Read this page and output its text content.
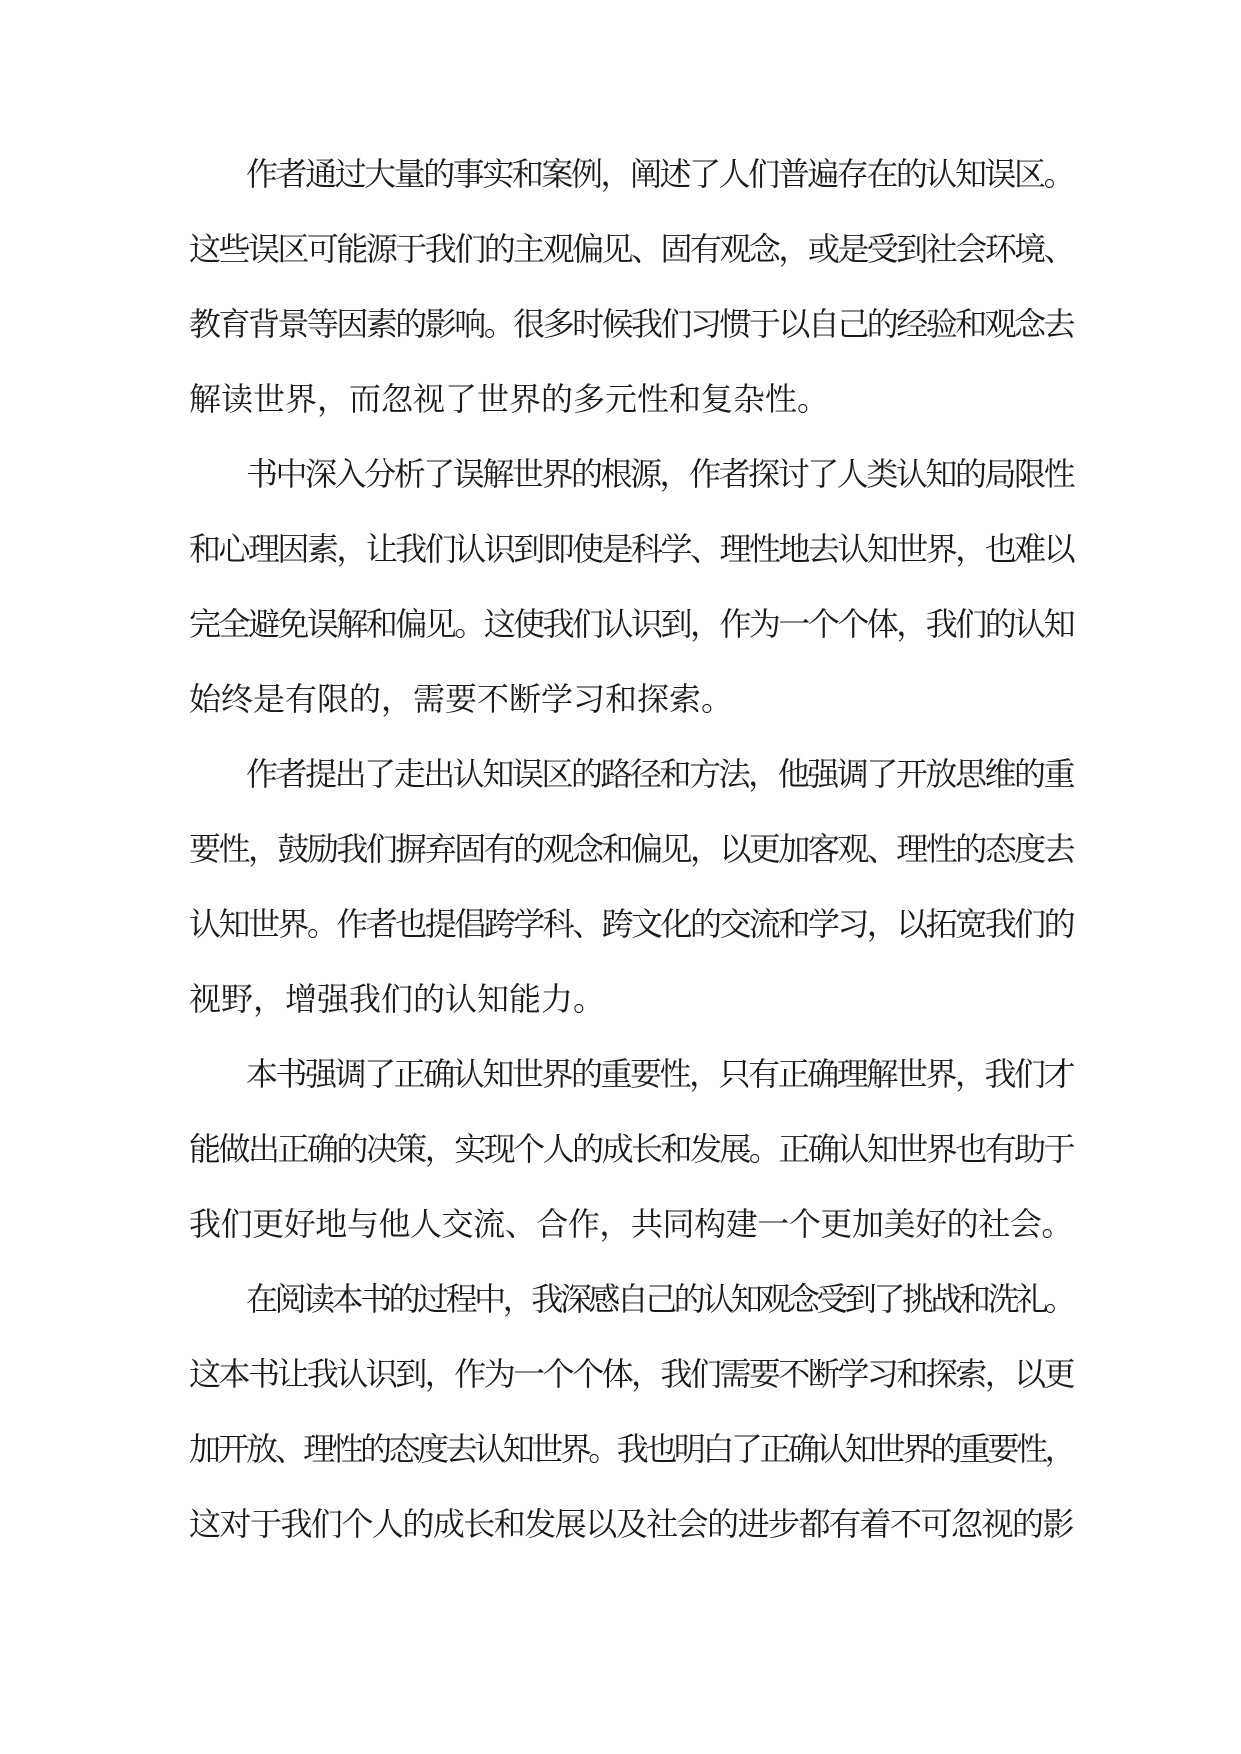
作者通过大量的事实和案例，阐述了人们普遍存在的认知误区。
这些误区可能源于我们的主观偏见、固有观念，或是受到社会环境、
教育背景等因素的影响。很多时候我们习惯于以自己的经验和观念去
解读世界，而忽视了世界的多元性和复杂性。
书中深入分析了误解世界的根源，作者探讨了人类认知的局限性
和心理因素，让我们认识到即使是科学、理性地去认知世界，也难以
完全避免误解和偏见。这使我们认识到，作为一个个体，我们的认知
始终是有限的，需要不断学习和探索。
作者提出了走出认知误区的路径和方法，他强调了开放思维的重
要性，鼓励我们摒弃固有的观念和偏见，以更加客观、理性的态度去
认知世界。作者也提倡跨学科、跨文化的交流和学习，以拓宽我们的
视野，增强我们的认知能力。
本书强调了正确认知世界的重要性，只有正确理解世界，我们才
能做出正确的决策，实现个人的成长和发展。正确认知世界也有助于
我们更好地与他人交流、合作，共同构建一个更加美好的社会。
在阅读本书的过程中，我深感自己的认知观念受到了挑战和洗礼。
这本书让我认识到，作为一个个体，我们需要不断学习和探索，以更
加开放、理性的态度去认知世界。我也明白了正确认知世界的重要性，
这对于我们个人的成长和发展以及社会的进步都有着不可忽视的影
